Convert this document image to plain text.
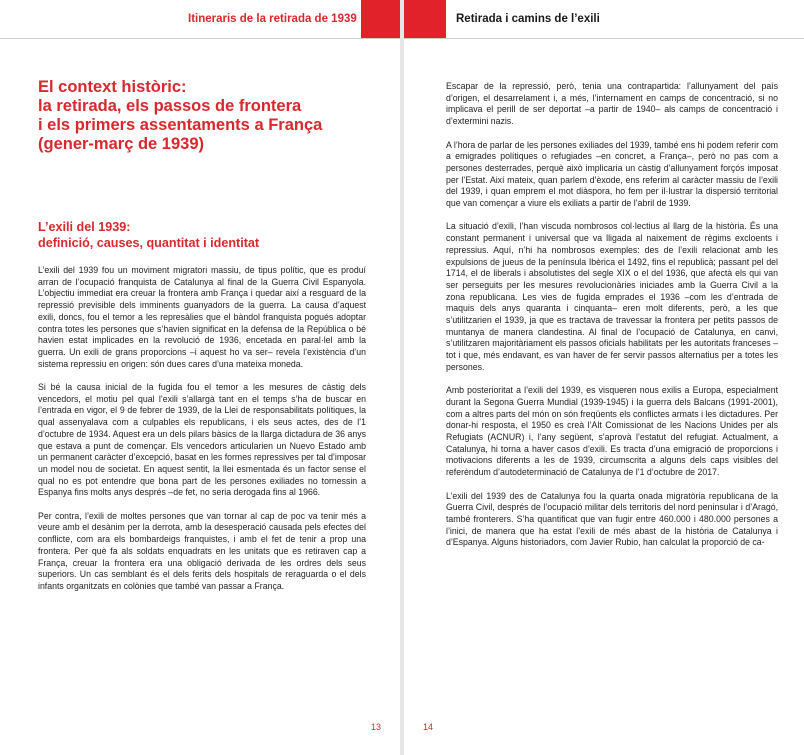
Itineraris de la retirada de 1939
El context històric:
la retirada, els passos de frontera
i els primers assentaments a França
(gener-març de 1939)
L’exili del 1939:
definició, causes, quantitat i identitat

L’exili del 1939 fou un moviment migratori massiu, de tipus polític, que es produí arran de l’ocupació franquista de Catalunya al final de la Guerra Civil Espanyola. L’objectiu immediat era creuar la frontera amb França i quedar així a resguard de la repressió previsible dels imminents guanyadors de la guerra. La causa d’aquest exili, doncs, fou el temor a les represàlies que el bàndol franquista pogués adoptar contra totes les persones que s’havien significat en la defensa de la República o bé havien estat implicades en la revolució de 1936, encetada en paral·lel amb la guerra. Un exili de grans proporcions –i aquest ho va ser– revela l’existència d’un sistema repressiu en origen: són dues cares d’una mateixa moneda.

Si bé la causa inicial de la fugida fou el temor a les mesures de càstig dels vencedors, el motiu pel qual l’exili s’allargà tant en el temps s’ha de buscar en l’entrada en vigor, el 9 de febrer de 1939, de la Llei de responsabilitats polítiques, la qual assenyalava com a culpables els republicans, i els seus actes, des de l’1 d’octubre de 1934. Aquest era un dels pilars bàsics de la llarga dictadura de 36 anys que estava a punt de començar. Els vencedors articularien un Nuevo Estado amb un permanent caràcter d’excepció, basat en les formes repressives per tal d’imposar un model nou de societat. En aquest sentit, la llei esmentada és un factor sense el qual no es pot entendre que bona part de les persones exiliades no tornessin a Espanya fins molts anys després –de fet, no seria derogada fins al 1966.

Per contra, l’exili de moltes persones que van tornar al cap de poc va tenir més a veure amb el desànim per la derrota, amb la desesperació causada pels efectes del conflicte, com ara els bombardeigs franquistes, i amb el fet de tenir a prop una frontera. Per què fa als soldats enquadrats en les unitats que es retiraven cap a França, creuar la frontera era una obligació derivada de les ordres dels seus superiors. Un cas semblant és el dels ferits dels hospitals de reraguarda o el dels infants organitzats en colònies que també van passar a França.

13
Retirada i camins de l’exili

Escapar de la repressió, però, tenia una contrapartida: l’allunyament del país d’origen, el desarrelament i, a més, l’internament en camps de concentració, si no implicava el perill de ser deportat –a partir de 1940– als camps de concentració i d’extermini nazis.

A l’hora de parlar de les persones exiliades del 1939, també ens hi podem referir com a emigrades polítiques o refugiades –en concret, a França–, però no pas com a persones desterrades, perquè això implicaria un càstig d’allunyament forçós imposat per l’Estat. Així mateix, quan parlem d’èxode, ens referim al caràcter massiu de l’exili del 1939, i quan emprem el mot diàspora, ho fem per il·lustrar la dispersió territorial que van començar a viure els exiliats a partir de l’abril de 1939.

La situació d’exili, l’han viscuda nombrosos col·lectius al llarg de la història. És una constant permanent i universal que va lligada al naixement de règims excloents i repressius. Aquí, n’hi ha nombrosos exemples: des de l’exili relacionat amb les expulsions de jueus de la península Ibèrica el 1492, fins el republicà; passant pel del 1714, el de liberals i absolutistes del segle XIX o el del 1936, que afectà els qui van ser perseguits per les mesures revolucionàries iniciades amb la Guerra Civil a la zona republicana. Les vies de fugida emprades el 1936 –com les d’entrada de maquis dels anys quaranta i cinquanta– eren molt diferents, però, a les que s’utilitzarien el 1939, ja que es tractava de travessar la frontera per petits passos de muntanya de manera clandestina. Al final de l’ocupació de Catalunya, en canvi, s’utilitzaren majoritàriament els passos oficials habilitats per les autoritats franceses –tot i que, més endavant, es van haver de fer servir passos alternatius per a totes les persones.

Amb posterioritat a l’exili del 1939, es visqueren nous exilis a Europa, especialment durant la Segona Guerra Mundial (1939-1945) i la guerra dels Balcans (1991-2001), com a altres parts del món on són freqüents els conflictes armats i les dictadures. Per donar-hi resposta, el 1950 es creà l’Alt Comissionat de les Nacions Unides per als Refugiats (ACNUR) i, l’any següent, s’aprovà l’estatut del refugiat. Actualment, a Catalunya, hi torna a haver casos d’exili. Es tracta d’una emigració de proporcions i motivacions diferents a les de 1939, circumscrita a alguns dels caps visibles del referèndum d’autodeterminació de Catalunya de l’1 d’octubre de 2017.

L’exili del 1939 des de Catalunya fou la quarta onada migratòria republicana de la Guerra Civil, després de l’ocupació militar dels territoris del nord peninsular i d’Aragó, també fronterers. S’ha quantificat que van fugir entre 460.000 i 480.000 persones a l’inici, de manera que ha estat l’exili de més abast de la història de Catalunya i d’Espanya. Alguns historiadors, com Javier Rubio, han calculat la proporció de ca-

14
